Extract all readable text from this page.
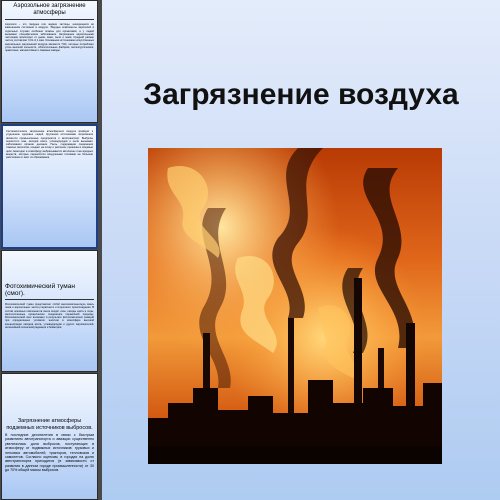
Аэрозольное загрязнение атмосферы
Аэрозоли – это твердые или жидкие частицы, находящиеся во взвешенном состоянии в воздухе. Твердые компоненты аэрозолей в отдельных случаях особенно опасны для организмов, а у людей вызывают специфические заболевания. Загрязнение аэрозольными частицами происходит от дыма, сажи, пыли и газов. Средний размер частиц составляет 0,01–0,1 мкм. Основными источниками искусственных аэрозольных загрязнений воздуха являются ТЭС, которые потребляют уголь высокой зольности, обогатительные фабрики, металлургические, цементные, магнезитовые и сажевые заводы.
Систематическое загрязнение атмосферного воздуха приводит к ухудшению здоровья людей. Крупными источниками загрязнения являются промышленные предприятия и автотранспорт. Выбросы сернистого газа, оксидов азота, углеводородов и пыли вызывают заболевания органов дыхания. Пыль, содержащая соединения тяжелых металлов, оседает на почву и растения, проникая в пищевые цепи. Ежегодно в атмосферу выбрасываются миллионы тонн вредных веществ, которые переносятся воздушными потоками на большие расстояния от мест их образования.
Фотохимический туман (смог).
Фотохимический туман представляет собой многокомпонентную смесь газов и аэрозольных частиц первичного и вторичного происхождения. В состав основных компонентов смога входят озон, оксиды азота и серы, многочисленные органические соединения перекисной природы. Фотохимический смог возникает в результате фотохимических реакций при определенных условиях: наличии в атмосфере высокой концентрации оксидов азота, углеводородов и других загрязнителей, интенсивной солнечной радиации и безветрия.
Загрязнение атмосферы подземных источников выбросов.
В последние десятилетия в связи с быстрым развитием автотранспорта и авиации существенно увеличилась доля выбросов, поступающих в атмосферу от подвижных источников: грузовых и легковых автомобилей, тракторов, тепловозов и самолетов. Согласно оценкам, в городах на долю автотранспорта приходится (в зависимости от развития в данном городе промышленности) от 30 до 70% общей массы выбросов.
Загрязнение воздуха
